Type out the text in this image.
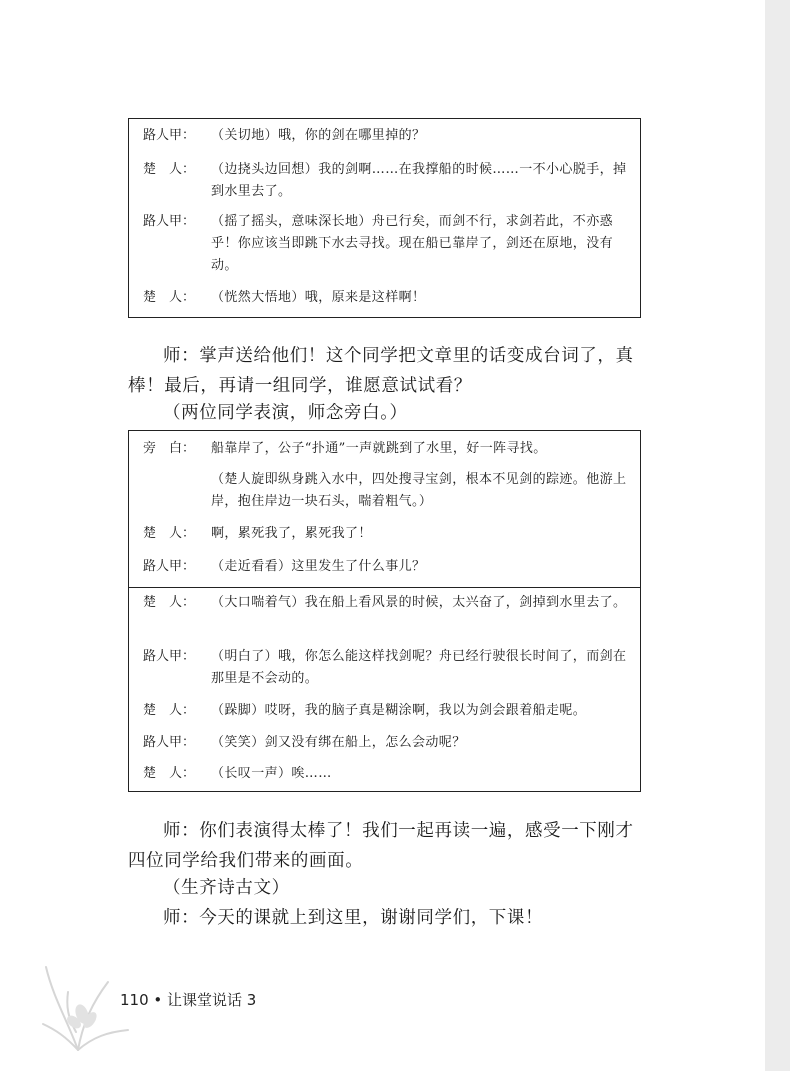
路人甲：	（关切地）哦，你的剑在哪里掉的？
楚　人：	（边挠头边回想）我的剑啊……在我撑船的时候……一不小心脱手，掉到水里去了。
路人甲：	（摇了摇头，意味深长地）舟已行矣，而剑不行，求剑若此，不亦惑乎！你应该当即跳下水去寻找。现在船已靠岸了，剑还在原地，没有动。
楚　人：	（恍然大悟地）哦，原来是这样啊！
师：掌声送给他们！这个同学把文章里的话变成台词了，真棒！最后，再请一组同学，谁愿意试试看？
（两位同学表演，师念旁白。）
旁　白：	船靠岸了，公子“扑通”一声就跳到了水里，好一阵寻找。
（楚人旋即纵身跳入水中，四处搜寻宝剑，根本不见剑的踪迹。他游上岸，抱住岸边一块石头，喘着粗气。）
楚　人：	啊，累死我了，累死我了！
路人甲：	（走近看看）这里发生了什么事儿？
楚　人：	（大口喘着气）我在船上看风景的时候，太兴奋了，剑掉到水里去了。
路人甲：	（明白了）哦，你怎么能这样找剑呢？舟已经行驶很长时间了，而剑在那里是不会动的。
楚　人：	（跺脚）哎呀，我的脑子真是糊涂啊，我以为剑会跟着船走呢。
路人甲：	（笑笑）剑又没有绑在船上，怎么会动呢？
楚　人：	（长叹一声）唉……
师：你们表演得太棒了！我们一起再读一遍，感受一下刚才四位同学给我们带来的画面。
（生齐诗古文）
师：今天的课就上到这里，谢谢同学们，下课！
110 • 让课堂说话 3
